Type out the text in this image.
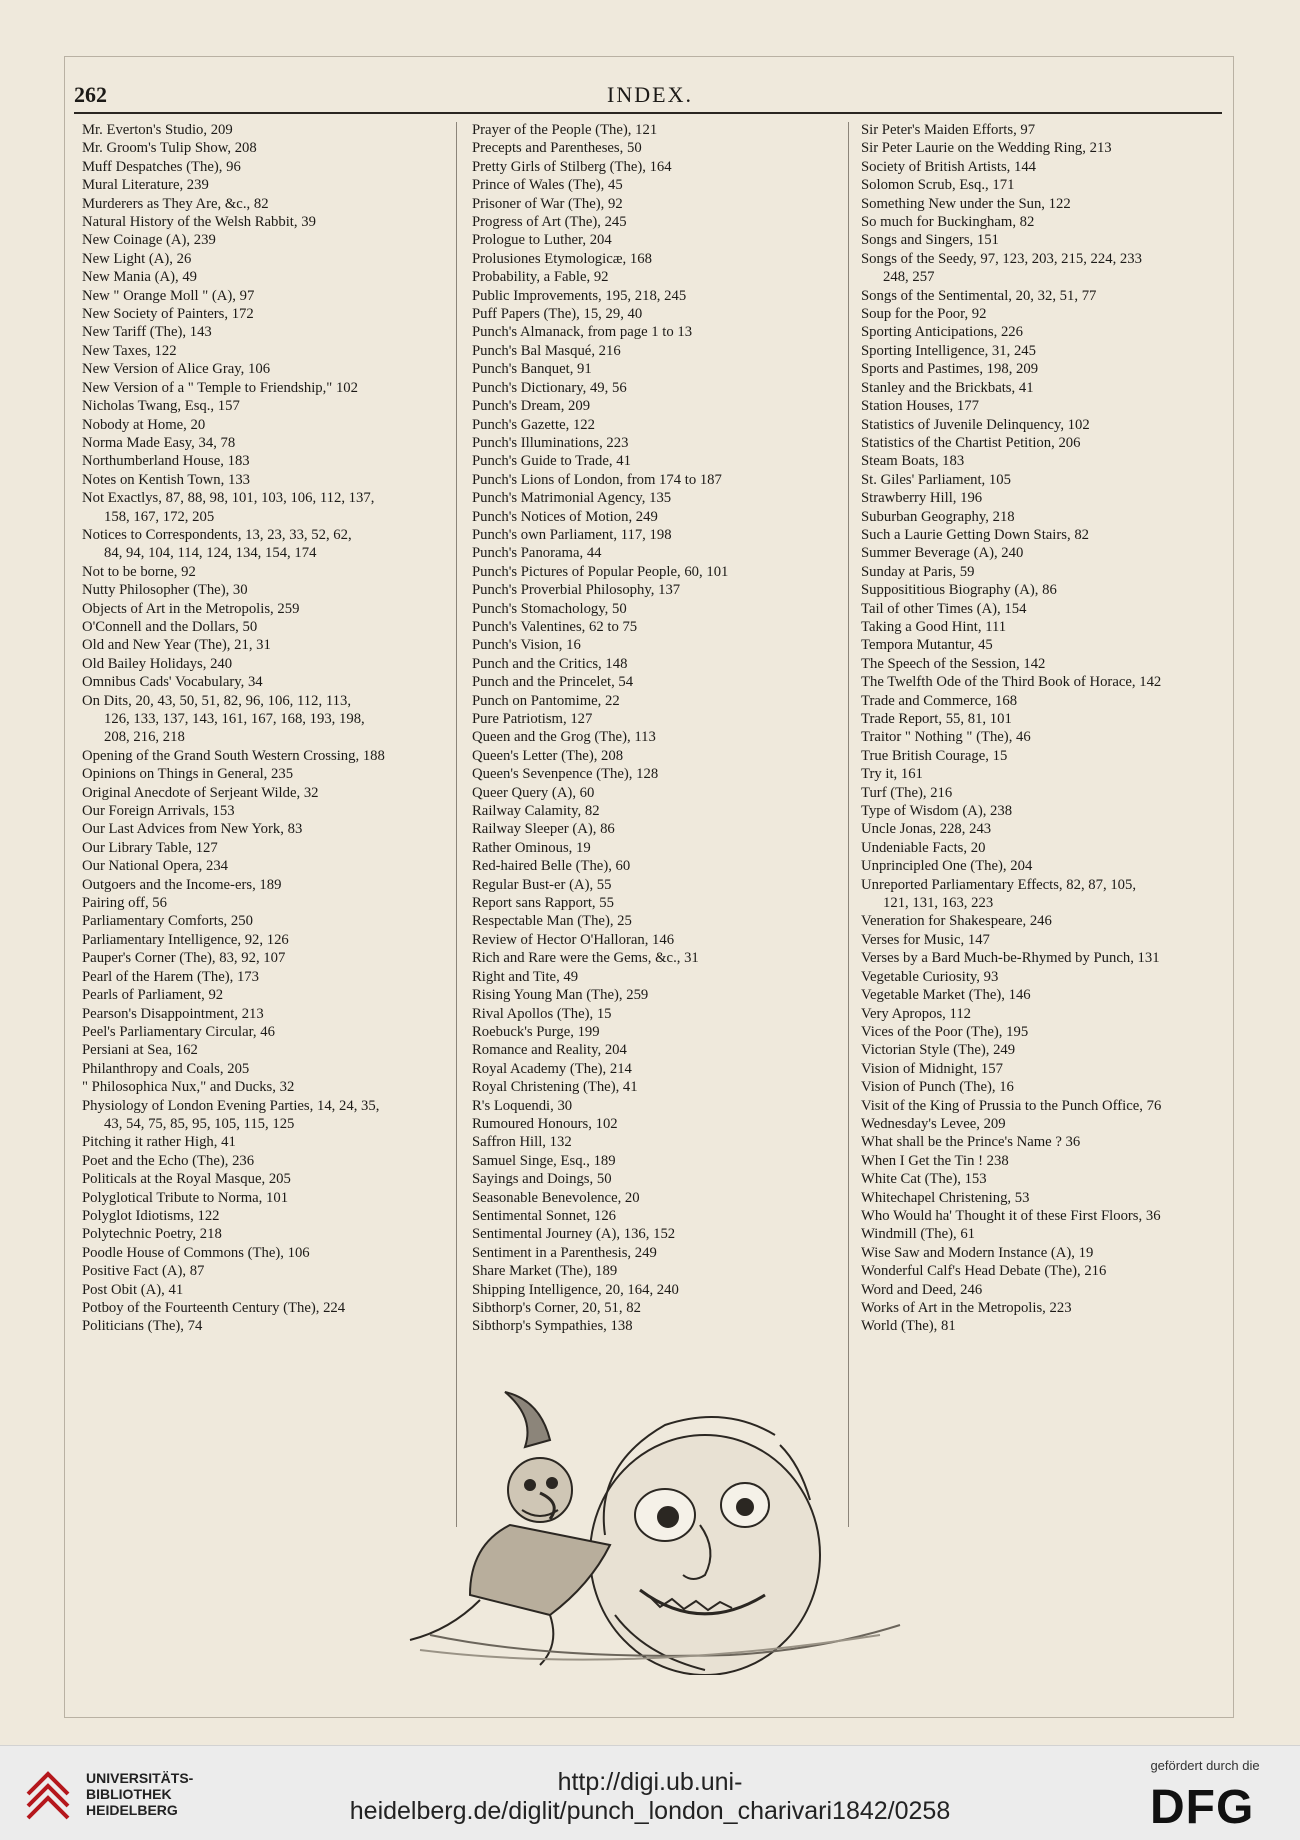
262	INDEX.
Mr. Everton's Studio, 209
Mr. Groom's Tulip Show, 208
Muff Despatches (The), 96
Mural Literature, 239
Murderers as They Are, &c., 82
Natural History of the Welsh Rabbit, 39
New Coinage (A), 239
New Light (A), 26
New Mania (A), 49
New " Orange Moll " (A), 97
New Society of Painters, 172
New Tariff (The), 143
New Taxes, 122
New Version of Alice Gray, 106
New Version of a " Temple to Friendship," 102
Nicholas Twang, Esq., 157
Nobody at Home, 20
Norma Made Easy, 34, 78
Northumberland House, 183
Notes on Kentish Town, 133
Not Exactlys, 87, 88, 98, 101, 103, 106, 112, 137,
158, 167, 172, 205
Notices to Correspondents, 13, 23, 33, 52, 62,
84, 94, 104, 114, 124, 134, 154, 174
Not to be borne, 92
Nutty Philosopher (The), 30
Objects of Art in the Metropolis, 259
O'Connell and the Dollars, 50
Old and New Year (The), 21, 31
Old Bailey Holidays, 240
Omnibus Cads' Vocabulary, 34
On Dits, 20, 43, 50, 51, 82, 96, 106, 112, 113,
126, 133, 137, 143, 161, 167, 168, 193, 198,
208, 216, 218
Opening of the Grand South Western Crossing, 188
Opinions on Things in General, 235
Original Anecdote of Serjeant Wilde, 32
Our Foreign Arrivals, 153
Our Last Advices from New York, 83
Our Library Table, 127
Our National Opera, 234
Outgoers and the Income-ers, 189
Pairing off, 56
Parliamentary Comforts, 250
Parliamentary Intelligence, 92, 126
Pauper's Corner (The), 83, 92, 107
Pearl of the Harem (The), 173
Pearls of Parliament, 92
Pearson's Disappointment, 213
Peel's Parliamentary Circular, 46
Persiani at Sea, 162
Philanthropy and Coals, 205
" Philosophica Nux," and Ducks, 32
Physiology of London Evening Parties, 14, 24, 35,
43, 54, 75, 85, 95, 105, 115, 125
Pitching it rather High, 41
Poet and the Echo (The), 236
Politicals at the Royal Masque, 205
Polyglotical Tribute to Norma, 101
Polyglot Idiotisms, 122
Polytechnic Poetry, 218
Poodle House of Commons (The), 106
Positive Fact (A), 87
Post Obit (A), 41
Potboy of the Fourteenth Century (The), 224
Politicians (The), 74
Prayer of the People (The), 121
Precepts and Parentheses, 50
Pretty Girls of Stilberg (The), 164
Prince of Wales (The), 45
Prisoner of War (The), 92
Progress of Art (The), 245
Prologue to Luther, 204
Prolusiones Etymologicæ, 168
Probability, a Fable, 92
Public Improvements, 195, 218, 245
Puff Papers (The), 15, 29, 40
Punch's Almanack, from page 1 to 13
Punch's Bal Masqué, 216
Punch's Banquet, 91
Punch's Dictionary, 49, 56
Punch's Dream, 209
Punch's Gazette, 122
Punch's Illuminations, 223
Punch's Guide to Trade, 41
Punch's Lions of London, from 174 to 187
Punch's Matrimonial Agency, 135
Punch's Notices of Motion, 249
Punch's own Parliament, 117, 198
Punch's Panorama, 44
Punch's Pictures of Popular People, 60, 101
Punch's Proverbial Philosophy, 137
Punch's Stomachology, 50
Punch's Valentines, 62 to 75
Punch's Vision, 16
Punch and the Critics, 148
Punch and the Princelet, 54
Punch on Pantomime, 22
Pure Patriotism, 127
Queen and the Grog (The), 113
Queen's Letter (The), 208
Queen's Sevenpence (The), 128
Queer Query (A), 60
Railway Calamity, 82
Railway Sleeper (A), 86
Rather Ominous, 19
Red-haired Belle (The), 60
Regular Bust-er (A), 55
Report sans Rapport, 55
Respectable Man (The), 25
Review of Hector O'Halloran, 146
Rich and Rare were the Gems, &c., 31
Right and Tite, 49
Rising Young Man (The), 259
Rival Apollos (The), 15
Roebuck's Purge, 199
Romance and Reality, 204
Royal Academy (The), 214
Royal Christening (The), 41
R's Loquendi, 30
Rumoured Honours, 102
Saffron Hill, 132
Samuel Singe, Esq., 189
Sayings and Doings, 50
Seasonable Benevolence, 20
Sentimental Sonnet, 126
Sentimental Journey (A), 136, 152
Sentiment in a Parenthesis, 249
Share Market (The), 189
Shipping Intelligence, 20, 164, 240
Sibthorp's Corner, 20, 51, 82
Sibthorp's Sympathies, 138
Sir Peter's Maiden Efforts, 97
Sir Peter Laurie on the Wedding Ring, 213
Society of British Artists, 144
Solomon Scrub, Esq., 171
Something New under the Sun, 122
So much for Buckingham, 82
Songs and Singers, 151
Songs of the Seedy, 97, 123, 203, 215, 224, 233
248, 257
Songs of the Sentimental, 20, 32, 51, 77
Soup for the Poor, 92
Sporting Anticipations, 226
Sporting Intelligence, 31, 245
Sports and Pastimes, 198, 209
Stanley and the Brickbats, 41
Station Houses, 177
Statistics of Juvenile Delinquency, 102
Statistics of the Chartist Petition, 206
Steam Boats, 183
St. Giles' Parliament, 105
Strawberry Hill, 196
Suburban Geography, 218
Such a Laurie Getting Down Stairs, 82
Summer Beverage (A), 240
Sunday at Paris, 59
Supposititious Biography (A), 86
Tail of other Times (A), 154
Taking a Good Hint, 111
Tempora Mutantur, 45
The Speech of the Session, 142
The Twelfth Ode of the Third Book of Horace, 142
Trade and Commerce, 168
Trade Report, 55, 81, 101
Traitor " Nothing " (The), 46
True British Courage, 15
Try it, 161
Turf (The), 216
Type of Wisdom (A), 238
Uncle Jonas, 228, 243
Undeniable Facts, 20
Unprincipled One (The), 204
Unreported Parliamentary Effects, 82, 87, 105,
121, 131, 163, 223
Veneration for Shakespeare, 246
Verses for Music, 147
Verses by a Bard Much-be-Rhymed by Punch, 131
Vegetable Curiosity, 93
Vegetable Market (The), 146
Very Apropos, 112
Vices of the Poor (The), 195
Victorian Style (The), 249
Vision of Midnight, 157
Vision of Punch (The), 16
Visit of the King of Prussia to the Punch Office, 76
Wednesday's Levee, 209
What shall be the Prince's Name ? 36
When I Get the Tin ! 238
White Cat (The), 153
Whitechapel Christening, 53
Who Would ha' Thought it of these First Floors, 36
Windmill (The), 61
Wise Saw and Modern Instance (A), 19
Wonderful Calf's Head Debate (The), 216
Word and Deed, 246
Works of Art in the Metropolis, 223
World (The), 81
UNIVERSITÄTS-
BIBLIOTHEK
HEIDELBERG
http://digi.ub.uni-heidelberg.de/diglit/punch_london_charivari1842/0258
gefördert durch die
DFG
